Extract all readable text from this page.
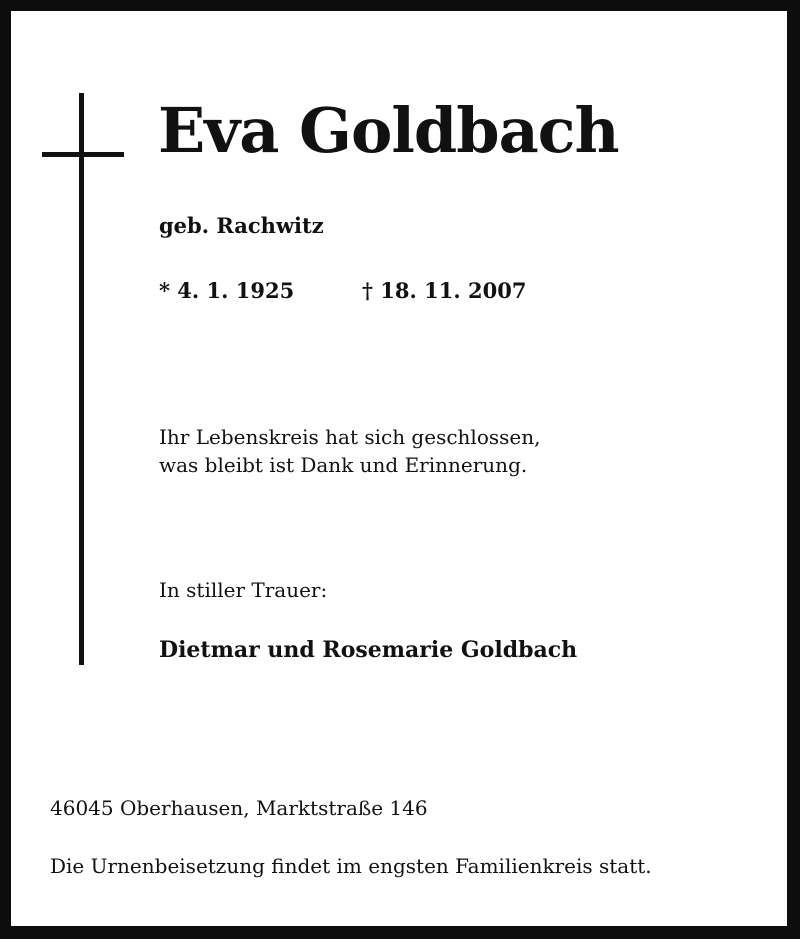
Eva Goldbach
geb. Rachwitz
* 4. 1. 1925	† 18. 11. 2007
Ihr Lebenskreis hat sich geschlossen,
was bleibt ist Dank und Erinnerung.
In stiller Trauer:
Dietmar und Rosemarie Goldbach
46045 Oberhausen, Marktstraße 146
Die Urnenbeisetzung findet im engsten Familienkreis statt.
